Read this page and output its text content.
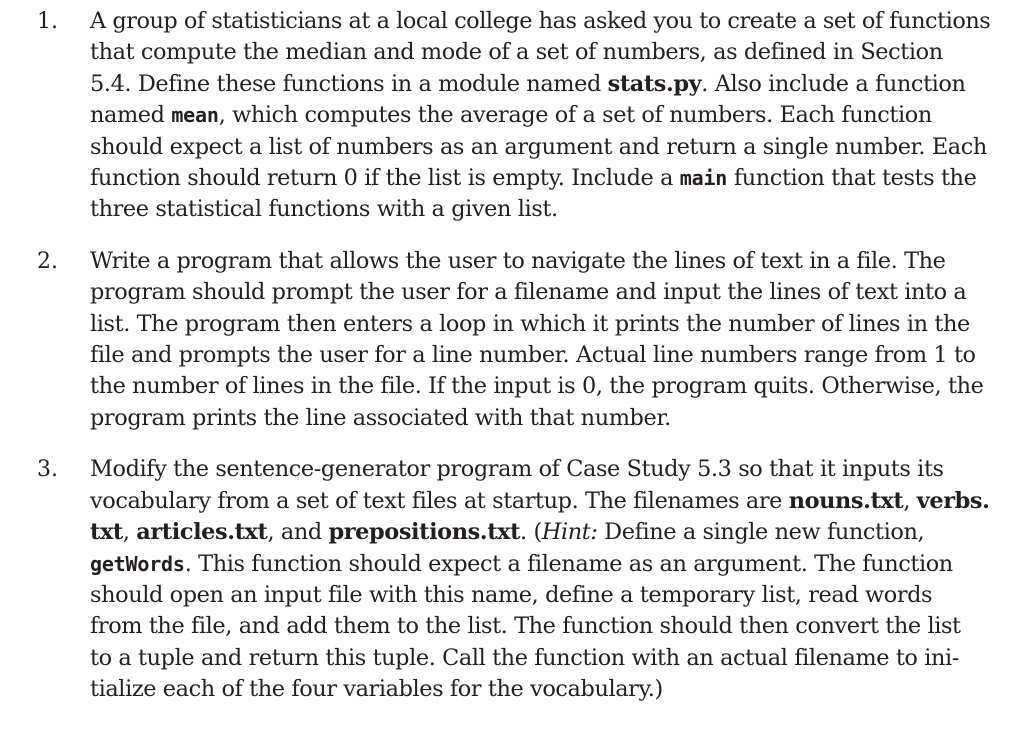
1.	A group of statisticians at a local college has asked you to create a set of functions
that compute the median and mode of a set of numbers, as defined in Section
5.4. Define these functions in a module named stats.py. Also include a function
named mean, which computes the average of a set of numbers. Each function
should expect a list of numbers as an argument and return a single number. Each
function should return 0 if the list is empty. Include a main function that tests the
three statistical functions with a given list.
2.	Write a program that allows the user to navigate the lines of text in a file. The
program should prompt the user for a filename and input the lines of text into a
list. The program then enters a loop in which it prints the number of lines in the
file and prompts the user for a line number. Actual line numbers range from 1 to
the number of lines in the file. If the input is 0, the program quits. Otherwise, the
program prints the line associated with that number.
3.	Modify the sentence-generator program of Case Study 5.3 so that it inputs its
vocabulary from a set of text files at startup. The filenames are nouns.txt, verbs.
txt, articles.txt, and prepositions.txt. (Hint: Define a single new function,
getWords. This function should expect a filename as an argument. The function
should open an input file with this name, define a temporary list, read words
from the file, and add them to the list. The function should then convert the list
to a tuple and return this tuple. Call the function with an actual filename to ini-
tialize each of the four variables for the vocabulary.)
